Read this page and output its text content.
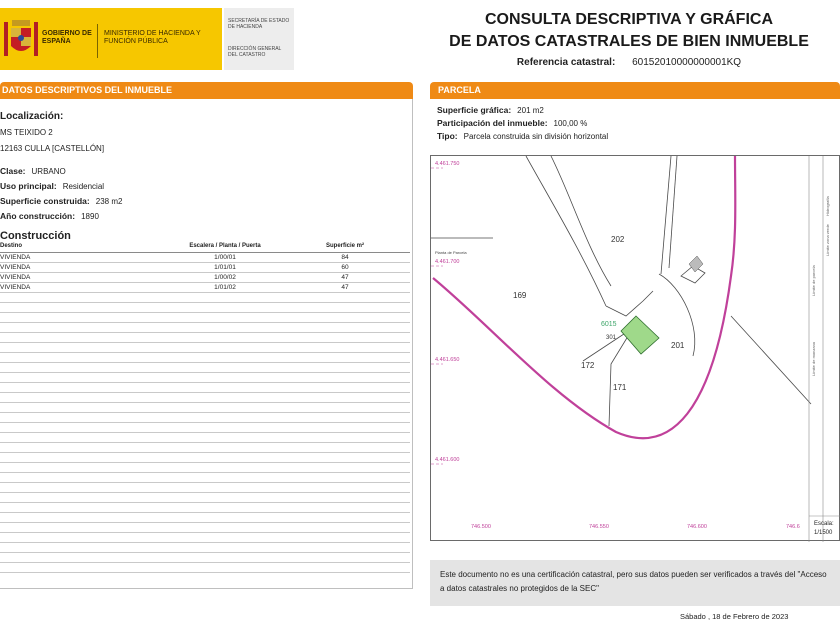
GOBIERNO DE ESPAÑA
MINISTERIO DE HACIENDA Y FUNCIÓN PÚBLICA
SECRETARÍA DE ESTADO DE HACIENDA
DIRECCIÓN GENERAL DEL CATASTRO
CONSULTA DESCRIPTIVA Y GRÁFICA
DE DATOS CATASTRALES DE BIEN INMUEBLE
Referencia catastral: 60152010000000001KQ
DATOS DESCRIPTIVOS DEL INMUEBLE
Localización:
MS TEIXIDO 2
12163 CULLA [CASTELLÓN]
Clase: URBANO
Uso principal: Residencial
Superficie construida: 238 m2
Año construcción: 1890
Construcción
Destino	Escalera / Planta / Puerta	Superficie m²
VIVIENDA	1/00/01	84
VIVIENDA	1/01/01	60
VIVIENDA	1/00/02	47
VIVIENDA	1/01/02	47
PARCELA
Superficie gráfica: 201 m2
Participación del inmueble: 100,00 %
Tipo: Parcela construida sin división horizontal
Límite de parcela
Límite de manzana
Hidrografía
Límite zona verde
4.461.750
4.461.700
4.461.650
4.461.600
746.500	746.550	746.600	746.6
202
169
172
171
201
301
6015
Planta de Parcela
Escala:
1/1500
Este documento no es una certificación catastral, pero sus datos pueden ser verificados a través del "Acceso a datos catastrales no protegidos de la SEC"
Sábado , 18 de Febrero de 2023
